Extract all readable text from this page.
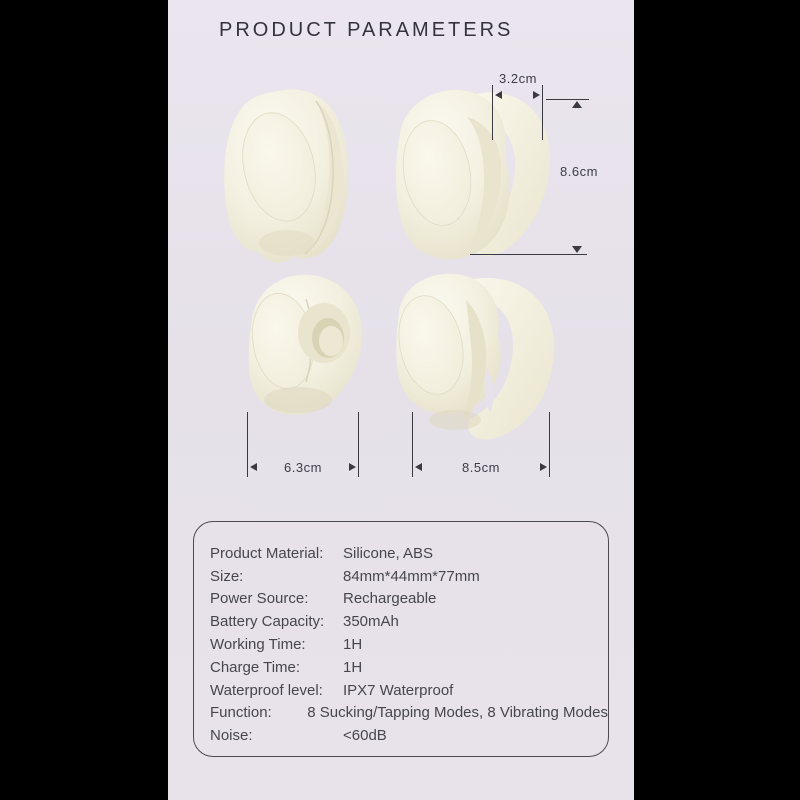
PRODUCT PARAMETERS
3.2cm
8.6cm
6.3cm	8.5cm
Product Material:	Silicone, ABS
Size:	84mm*44mm*77mm
Power Source:	Rechargeable
Battery Capacity:	350mAh
Working Time:	1H
Charge Time:	1H
Waterproof level:	IPX7 Waterproof
Function:	8 Sucking/Tapping Modes, 8 Vibrating Modes
Noise:	<60dB
